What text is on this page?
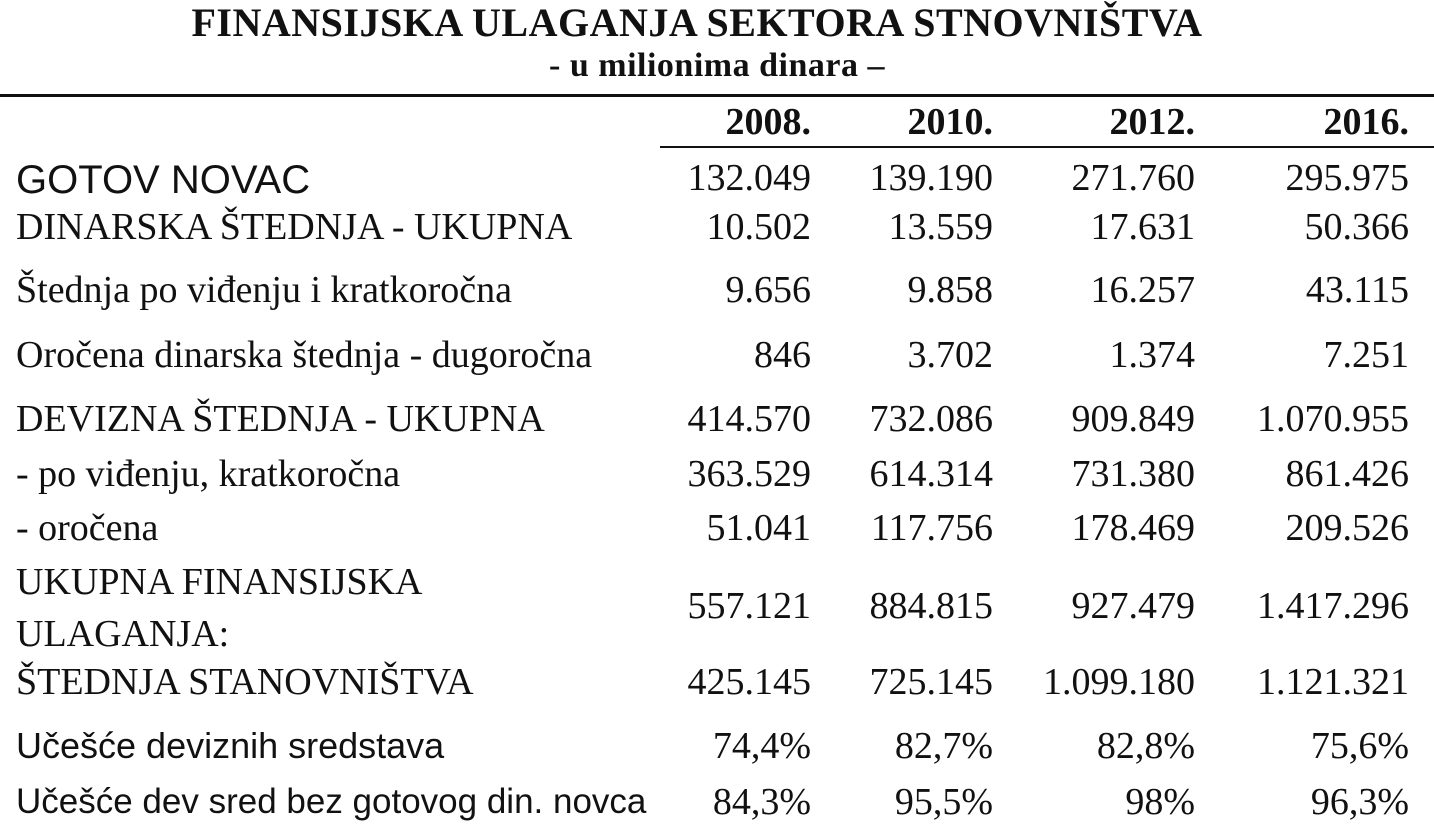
FINANSIJSKA ULAGANJA SEKTORA STNOVNIŠTVA
- u milionima dinara –
2008.	2010.	2012.	2016.
GOTOV NOVAC	132.049	139.190	271.760	295.975
DINARSKA ŠTEDNJA - UKUPNA	10.502	13.559	17.631	50.366
Štednja po viđenju i kratkoročna	9.656	9.858	16.257	43.115
Oročena dinarska štednja - dugoročna	846	3.702	1.374	7.251
DEVIZNA ŠTEDNJA - UKUPNA	414.570	732.086	909.849	1.070.955
- po viđenju, kratkoročna	363.529	614.314	731.380	861.426
- oročena	51.041	117.756	178.469	209.526
UKUPNA FINANSIJSKA
ULAGANJA:
557.121	884.815	927.479	1.417.296
ŠTEDNJA STANOVNIŠTVA	425.145	725.145	1.099.180	1.121.321
Učešće deviznih sredstava	74,4%	82,7%	82,8%	75,6%
Učešće dev sred bez gotovog din. novca	84,3%	95,5%	98%	96,3%
